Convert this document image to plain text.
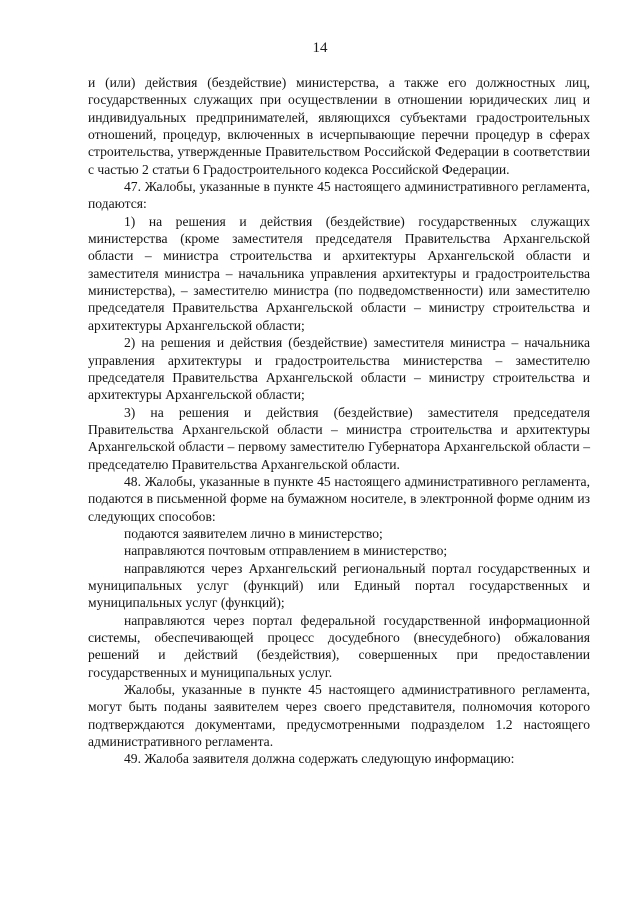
14

и (или) действия (бездействие) министерства, а также его должностных лиц, государственных служащих при осуществлении в отношении юридических лиц и индивидуальных предпринимателей, являющихся субъектами градостроительных отношений, процедур, включенных в исчерпывающие перечни процедур в сферах строительства, утвержденные Правительством Российской Федерации в соответствии с частью 2 статьи 6 Градостроительного кодекса Российской Федерации.

47. Жалобы, указанные в пункте 45 настоящего административного регламента, подаются:

1) на решения и действия (бездействие) государственных служащих министерства (кроме заместителя председателя Правительства Архангельской области – министра строительства и архитектуры Архангельской области и заместителя министра – начальника управления архитектуры и градостроительства министерства), – заместителю министра (по подведомственности) или заместителю председателя Правительства Архангельской области – министру строительства и архитектуры Архангельской области;

2) на решения и действия (бездействие) заместителя министра – начальника управления архитектуры и градостроительства министерства – заместителю председателя Правительства Архангельской области – министру строительства и архитектуры Архангельской области;

3) на решения и действия (бездействие) заместителя председателя Правительства Архангельской области – министра строительства и архитектуры Архангельской области – первому заместителю Губернатора Архангельской области – председателю Правительства Архангельской области.

48. Жалобы, указанные в пункте 45 настоящего административного регламента, подаются в письменной форме на бумажном носителе, в электронной форме одним из следующих способов:

подаются заявителем лично в министерство;

направляются почтовым отправлением в министерство;

направляются через Архангельский региональный портал государственных и муниципальных услуг (функций) или Единый портал государственных и муниципальных услуг (функций);

направляются через портал федеральной государственной информационной системы, обеспечивающей процесс досудебного (внесудебного) обжалования решений и действий (бездействия), совершенных при предоставлении государственных и муниципальных услуг.

Жалобы, указанные в пункте 45 настоящего административного регламента, могут быть поданы заявителем через своего представителя, полномочия которого подтверждаются документами, предусмотренными подразделом 1.2 настоящего административного регламента.

49. Жалоба заявителя должна содержать следующую информацию:
